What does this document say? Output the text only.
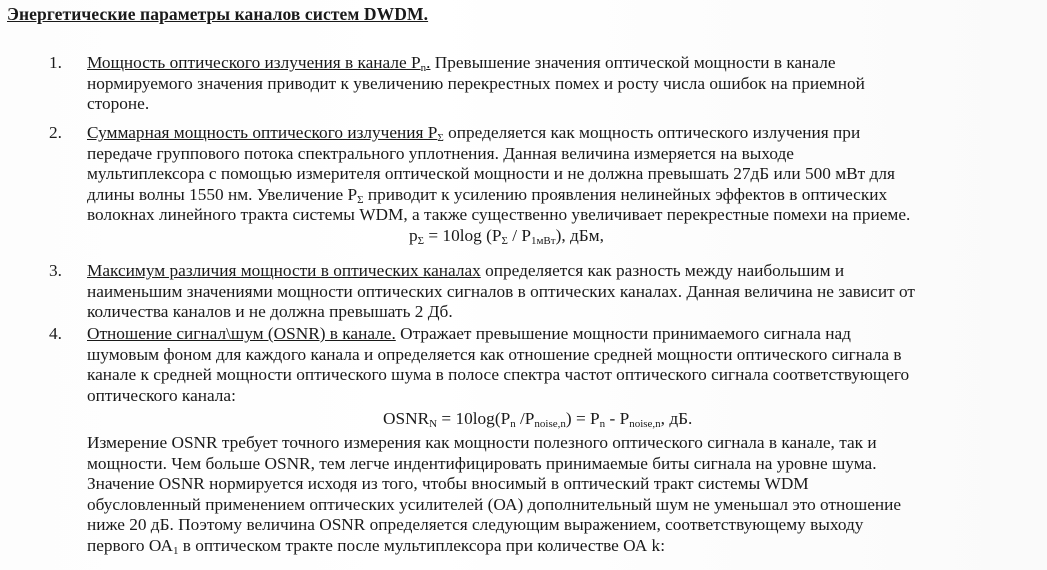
Энергетические параметры каналов систем DWDM.
1.	Мощность оптического излучения в канале $P_n$. Превышение значения оптической мощности в канале
нормируемого значения приводит к увеличению перекрестных помех и росту числа ошибок на приемной
стороне.
2.	Суммарная мощность оптического излучения $P_\Sigma$ определяется как мощность оптического излучения при
передаче группового потока спектрального уплотнения. Данная величина измеряется на выходе
мультиплексора с помощью измерителя оптической мощности и не должна превышать 27дБ или 500 мВт для
длины волны 1550 нм. Увеличение $P_\Sigma$ приводит к усилению проявления нелинейных эффектов в оптических
волокнах линейного тракта системы WDM, а также существенно увеличивает перекрестные помехи на приеме.
$p_\Sigma = 10\log$ $(P_\Sigma / P_{1мВт})$, дБм,
3.	Максимум различия мощности в оптических каналах определяется как разность между наибольшим и
наименьшим значениями мощности оптических сигналов в оптических каналах. Данная величина не зависит от
количества каналов и не должна превышать 2 Дб.
4.	Отношение сигнал\шум (OSNR) в канале. Отражает превышение мощности принимаемого сигнала над
шумовым фоном для каждого канала и определяется как отношение средней мощности оптического сигнала в
канале к средней мощности оптического шума в полосе спектра частот оптического сигнала соответствующего
оптического канала:
$OSNR_N = 10\log(P_n$ $/P_{noise,n}) = P_n - P_{noise,n}$, дБ.
Измерение OSNR требует точного измерения как мощности полезного оптического сигнала в канале, так и
мощности. Чем больше OSNR, тем легче индентифицировать принимаемые биты сигнала на уровне шума.
Значение OSNR нормируется исходя из того, чтобы вносимый в оптический тракт системы WDM
обусловленный применением оптических усилителей (ОА) дополнительный шум не уменьшал это отношение
ниже 20 дБ. Поэтому величина OSNR определяется следующим выражением, соответствующему выходу
первого $ОА_1$ в оптическом тракте после мультиплексора при количестве ОА k:
